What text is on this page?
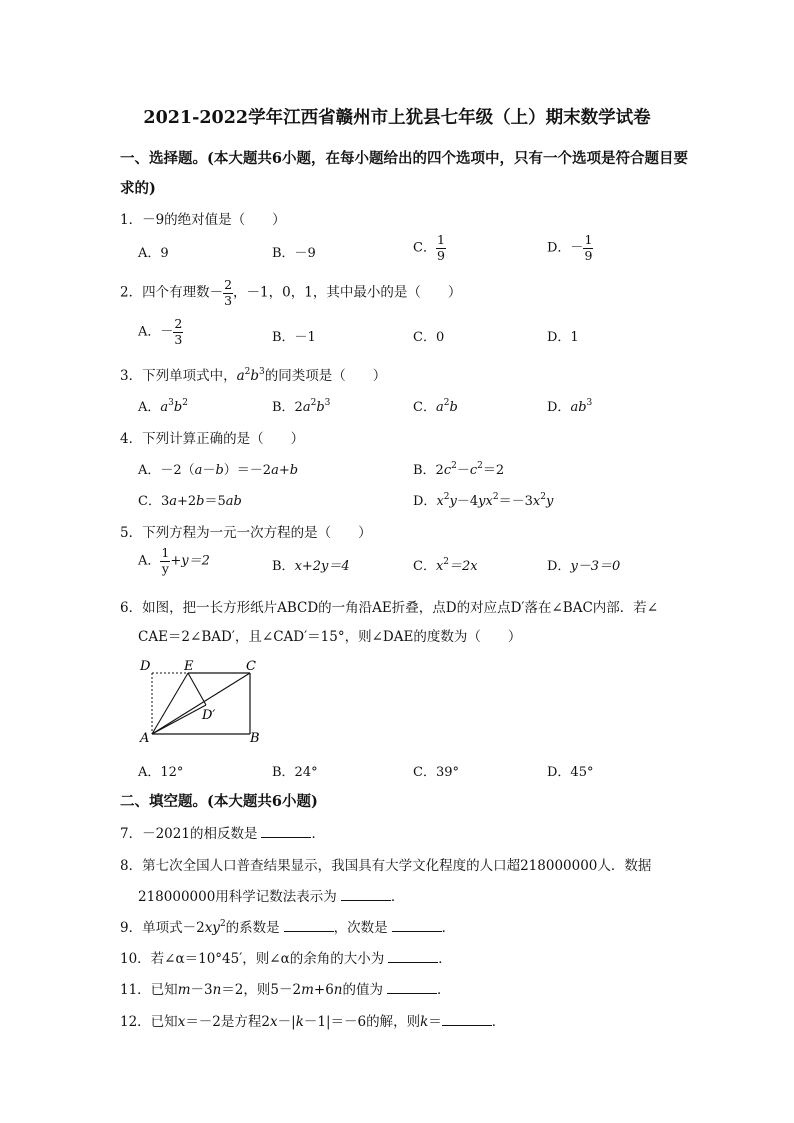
2021-2022学年江西省赣州市上犹县七年级（上）期末数学试卷
一、选择题。(本大题共6小题，在每小题给出的四个选项中，只有一个选项是符合题目要
求的)
1．－9的绝对值是（　　）
A．9	B．－9	C． $\frac{1}{9}$	D．－ $\frac{1}{9}$
2．四个有理数－ $\frac{2}{3}$ ，－1，0，1，其中最小的是（　　）
A．－ $\frac{2}{3}$	B．－1	C．0	D．1
3．下列单项式中，$a^2b^3$的同类项是（　　）
A．$a^3b^2$	B．$2a^2b^3$	C．$a^2b$	D．$ab^3$
4．下列计算正确的是（　　）
A．－2（a－b）＝－2a+b	B．$2c^2-c^2=2$
C．3a+2b＝5ab	D．$x^2y-4yx^2=-3x^2y$
5．下列方程为一元一次方程的是（　　）
A． $\frac{1}{y} +y=2$	B．x+2y＝4	C．$x^2=2x$	D．y－3＝0
6．如图，把一长方形纸片ABCD的一角沿AE折叠，点D的对应点D′落在∠BAC内部．若∠
CAE＝2∠BAD′，且∠CAD′＝15°，则∠DAE的度数为（　　）
D	E	C
D′
A	B
A．12°	B．24°	C．39°	D．45°
二、填空题。(本大题共6小题)
7．－2021的相反数是	．
8．第七次全国人口普查结果显示，我国具有大学文化程度的人口超218000000人．数据
218000000用科学记数法表示为	．
9．单项式$-2xy^2$的系数是	，次数是	．
10．若∠α＝10°45′，则∠α的余角的大小为	．
11．已知m－3n＝2，则5－2m+6n的值为	．
12．已知x＝－2是方程2x－|k－1|＝－6的解，则k＝	．
